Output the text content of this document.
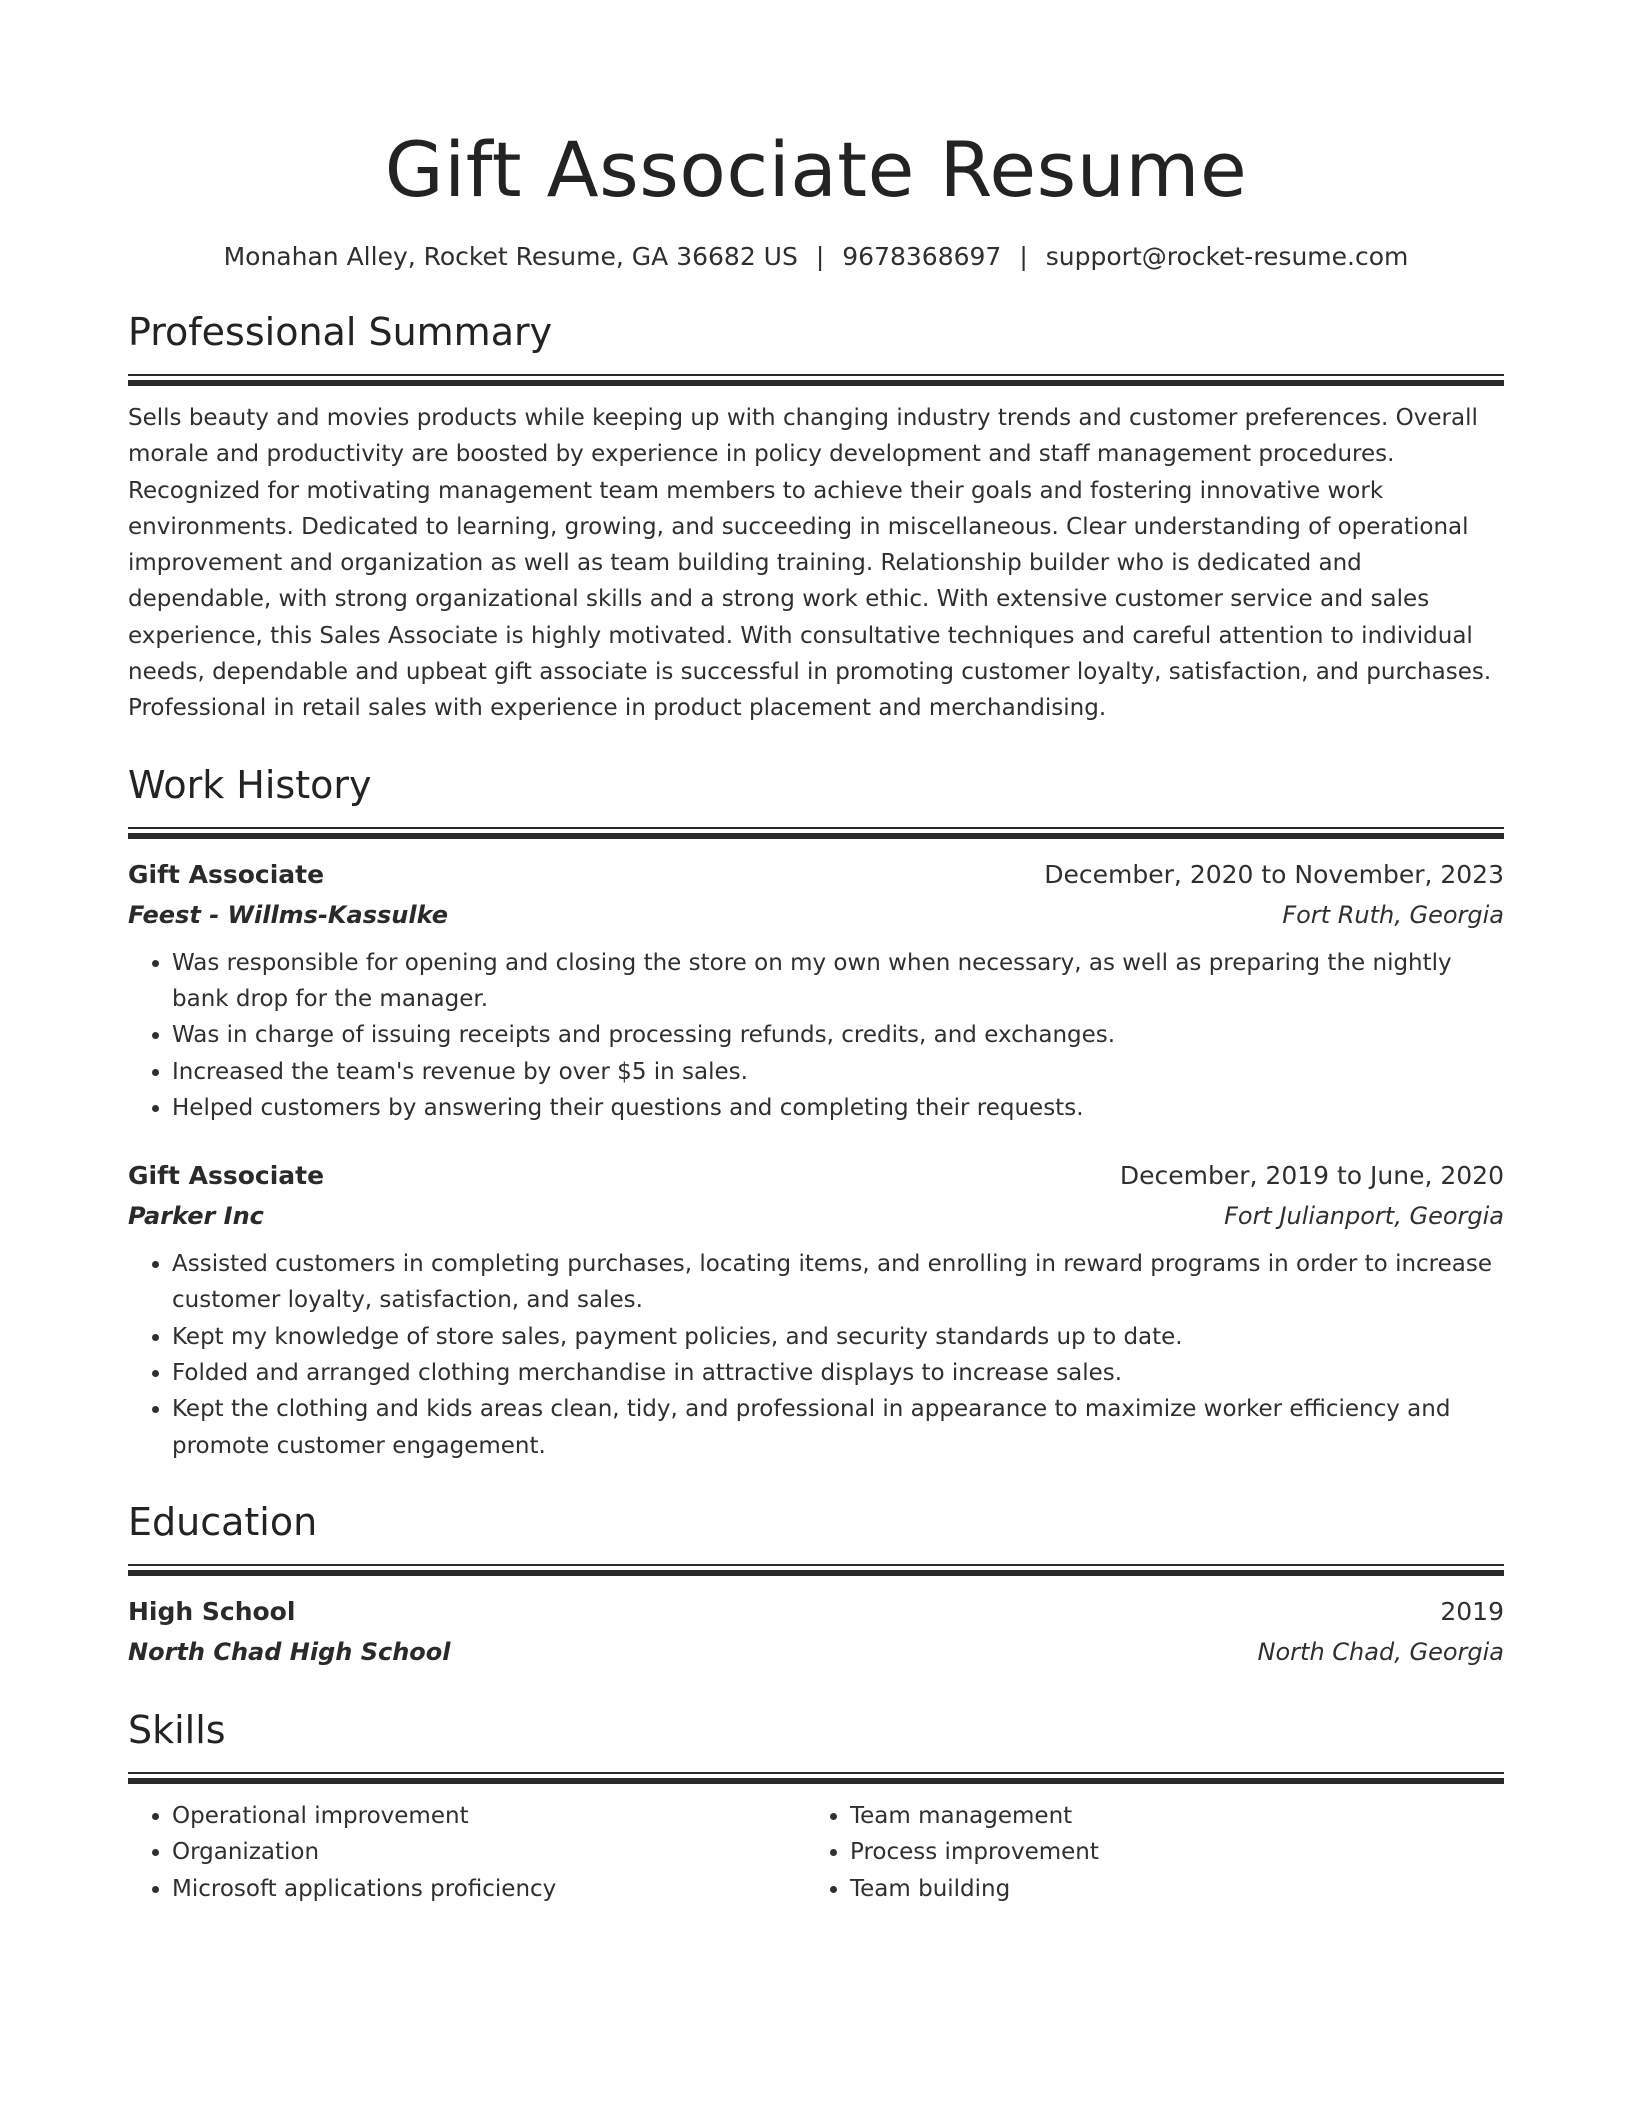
Gift Associate Resume
Monahan Alley, Rocket Resume, GA 36682 US | 9678368697 | support@rocket-resume.com
Professional Summary
Sells beauty and movies products while keeping up with changing industry trends and customer preferences. Overall morale and productivity are boosted by experience in policy development and staff management procedures. Recognized for motivating management team members to achieve their goals and fostering innovative work environments. Dedicated to learning, growing, and succeeding in miscellaneous. Clear understanding of operational improvement and organization as well as team building training. Relationship builder who is dedicated and dependable, with strong organizational skills and a strong work ethic. With extensive customer service and sales experience, this Sales Associate is highly motivated. With consultative techniques and careful attention to individual needs, dependable and upbeat gift associate is successful in promoting customer loyalty, satisfaction, and purchases. Professional in retail sales with experience in product placement and merchandising.
Work History
Gift Associate	December, 2020 to November, 2023
Feest - Willms-Kassulke	Fort Ruth, Georgia
• Was responsible for opening and closing the store on my own when necessary, as well as preparing the nightly bank drop for the manager.
• Was in charge of issuing receipts and processing refunds, credits, and exchanges.
• Increased the team's revenue by over $5 in sales.
• Helped customers by answering their questions and completing their requests.
Gift Associate	December, 2019 to June, 2020
Parker Inc	Fort Julianport, Georgia
• Assisted customers in completing purchases, locating items, and enrolling in reward programs in order to increase customer loyalty, satisfaction, and sales.
• Kept my knowledge of store sales, payment policies, and security standards up to date.
• Folded and arranged clothing merchandise in attractive displays to increase sales.
• Kept the clothing and kids areas clean, tidy, and professional in appearance to maximize worker efficiency and promote customer engagement.
Education
High School	2019
North Chad High School	North Chad, Georgia
Skills
• Operational improvement
• Organization
• Microsoft applications proficiency
• Team management
• Process improvement
• Team building
